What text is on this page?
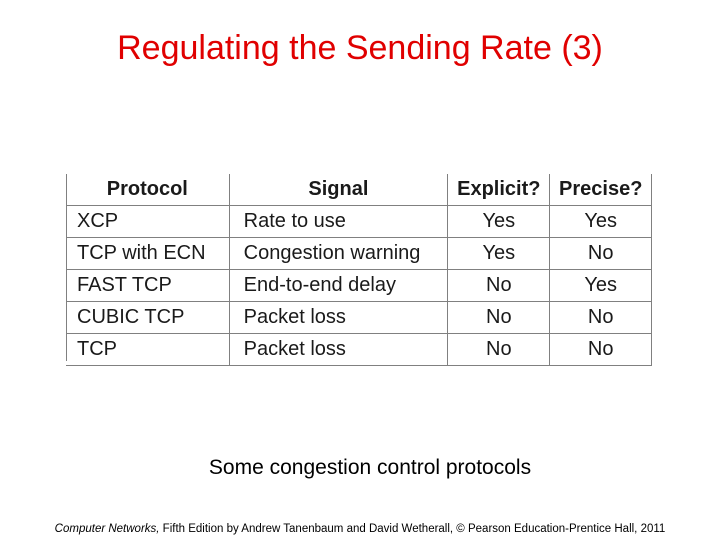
Regulating the Sending Rate (3)
Protocol	Signal	Explicit?	Precise?
XCP	Rate to use	Yes	Yes
TCP with ECN	Congestion warning	Yes	No
FAST TCP	End-to-end delay	No	Yes
CUBIC TCP	Packet loss	No	No
TCP	Packet loss	No	No
Some congestion control protocols
Computer Networks, Fifth Edition by Andrew Tanenbaum and David Wetherall, © Pearson Education-Prentice Hall, 2011
